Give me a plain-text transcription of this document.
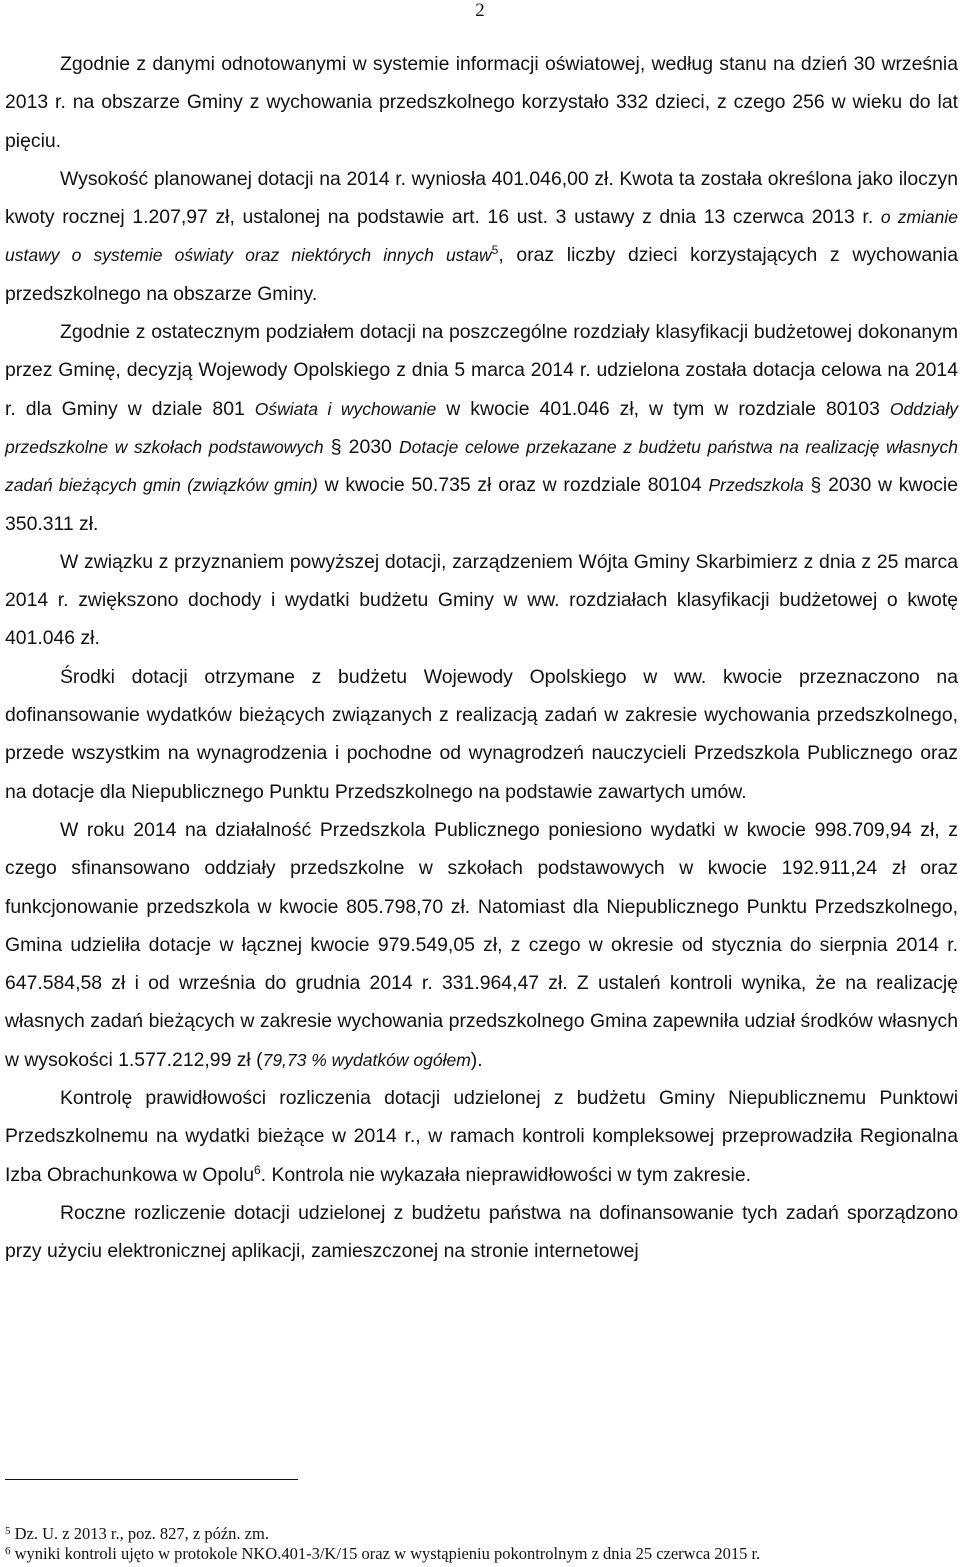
2

Zgodnie z danymi odnotowanymi w systemie informacji oświatowej, według stanu na dzień 30 września 2013 r. na obszarze Gminy z wychowania przedszkolnego korzystało 332 dzieci, z czego 256 w wieku do lat pięciu.

Wysokość planowanej dotacji na 2014 r. wyniosła 401.046,00 zł. Kwota ta została określona jako iloczyn kwoty rocznej 1.207,97 zł, ustalonej na podstawie art. 16 ust. 3 ustawy z dnia 13 czerwca 2013 r. o zmianie ustawy o systemie oświaty oraz niektórych innych ustaw$^5$, oraz liczby dzieci korzystających z wychowania przedszkolnego na obszarze Gminy.

Zgodnie z ostatecznym podziałem dotacji na poszczególne rozdziały klasyfikacji budżetowej dokonanym przez Gminę, decyzją Wojewody Opolskiego z dnia 5 marca 2014 r. udzielona została dotacja celowa na 2014 r. dla Gminy w dziale 801 Oświata i wychowanie w kwocie 401.046 zł, w tym w rozdziale 80103 Oddziały przedszkolne w szkołach podstawowych § 2030 Dotacje celowe przekazane z budżetu państwa na realizację własnych zadań bieżących gmin (związków gmin) w kwocie 50.735 zł oraz w rozdziale 80104 Przedszkola § 2030 w kwocie 350.311 zł.

W związku z przyznaniem powyższej dotacji, zarządzeniem Wójta Gminy Skarbimierz z dnia z 25 marca 2014 r. zwiększono dochody i wydatki budżetu Gminy w ww. rozdziałach klasyfikacji budżetowej o kwotę 401.046 zł.

Środki dotacji otrzymane z budżetu Wojewody Opolskiego w ww. kwocie przeznaczono na dofinansowanie wydatków bieżących związanych z realizacją zadań w zakresie wychowania przedszkolnego, przede wszystkim na wynagrodzenia i pochodne od wynagrodzeń nauczycieli Przedszkola Publicznego oraz na dotacje dla Niepublicznego Punktu Przedszkolnego na podstawie zawartych umów.

W roku 2014 na działalność Przedszkola Publicznego poniesiono wydatki w kwocie 998.709,94 zł, z czego sfinansowano oddziały przedszkolne w szkołach podstawowych w kwocie 192.911,24 zł oraz funkcjonowanie przedszkola w kwocie 805.798,70 zł. Natomiast dla Niepublicznego Punktu Przedszkolnego, Gmina udzieliła dotacje w łącznej kwocie 979.549,05 zł, z czego w okresie od stycznia do sierpnia 2014 r. 647.584,58 zł i od września do grudnia 2014 r. 331.964,47 zł. Z ustaleń kontroli wynika, że na realizację własnych zadań bieżących w zakresie wychowania przedszkolnego Gmina zapewniła udział środków własnych w wysokości 1.577.212,99 zł (79,73 % wydatków ogółem).

Kontrolę prawidłowości rozliczenia dotacji udzielonej z budżetu Gminy Niepublicznemu Punktowi Przedszkolnemu na wydatki bieżące w 2014 r., w ramach kontroli kompleksowej przeprowadziła Regionalna Izba Obrachunkowa w Opolu$^6$. Kontrola nie wykazała nieprawidłowości w tym zakresie.

Roczne rozliczenie dotacji udzielonej z budżetu państwa na dofinansowanie tych zadań sporządzono przy użyciu elektronicznej aplikacji, zamieszczonej na stronie internetowej

$^5$ Dz. U. z 2013 r., poz. 827, z późn. zm.
$^6$ wyniki kontroli ujęto w protokole NKO.401-3/K/15 oraz w wystąpieniu pokontrolnym z dnia 25 czerwca 2015 r.
